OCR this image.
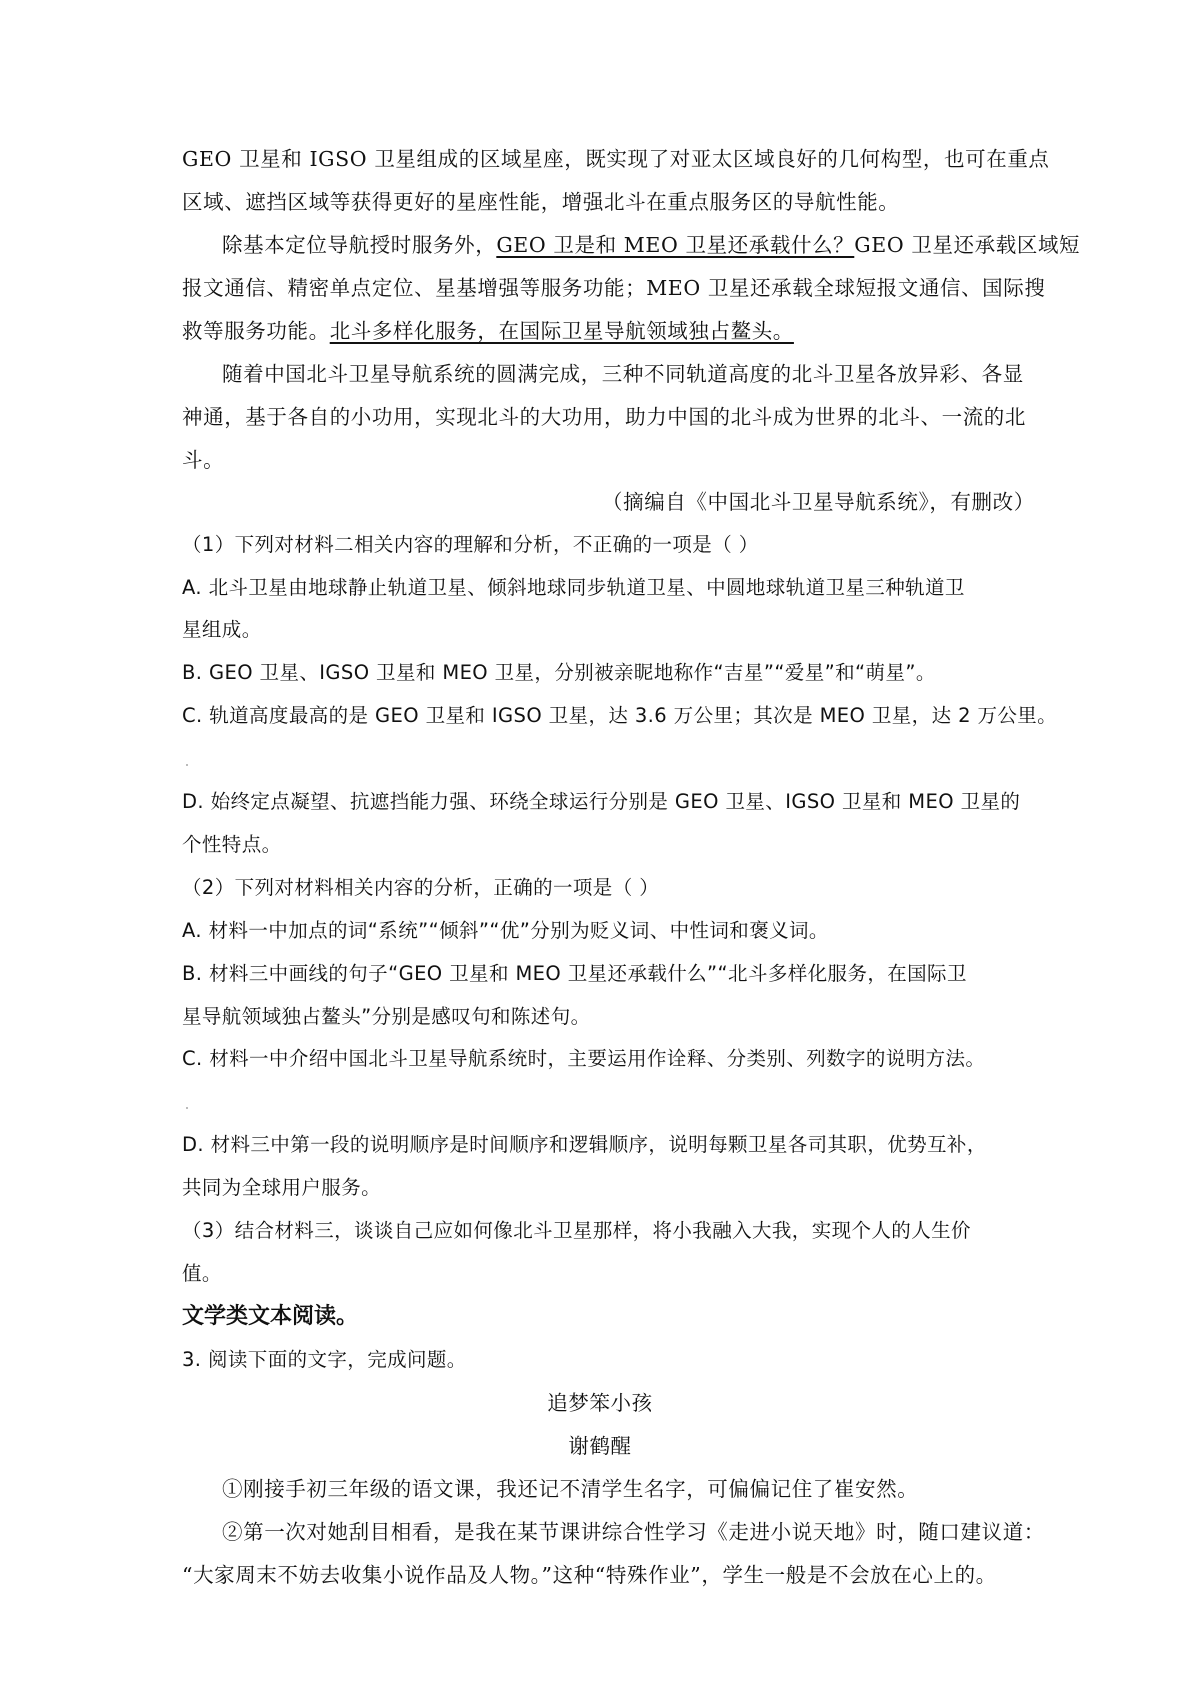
GEO 卫星和 IGSO 卫星组成的区域星座，既实现了对亚太区域良好的几何构型，也可在重点
区域、遮挡区域等获得更好的星座性能，增强北斗在重点服务区的导航性能。
除基本定位导航授时服务外，GEO 卫是和 MEO 卫星还承载什么？GEO 卫星还承载区域短
报文通信、精密单点定位、星基增强等服务功能；MEO 卫星还承载全球短报文通信、国际搜
救等服务功能。北斗多样化服务，在国际卫星导航领域独占鳌头。
随着中国北斗卫星导航系统的圆满完成，三种不同轨道高度的北斗卫星各放异彩、各显
神通，基于各自的小功用，实现北斗的大功用，助力中国的北斗成为世界的北斗、一流的北
斗。
（摘编自《中国北斗卫星导航系统》，有删改）
（1）下列对材料二相关内容的理解和分析，不正确的一项是（ ）
A. 北斗卫星由地球静止轨道卫星、倾斜地球同步轨道卫星、中圆地球轨道卫星三种轨道卫
星组成。
B. GEO 卫星、IGSO 卫星和 MEO 卫星，分别被亲昵地称作“吉星”“爱星”和“萌星”。
C. 轨道高度最高的是 GEO 卫星和 IGSO 卫星，达 3.6 万公里；其次是 MEO 卫星，达 2 万公里。
D. 始终定点凝望、抗遮挡能力强、环绕全球运行分别是 GEO 卫星、IGSO 卫星和 MEO 卫星的
个性特点。
（2）下列对材料相关内容的分析，正确的一项是（ ）
A. 材料一中加点的词“系统”“倾斜”“优”分别为贬义词、中性词和褒义词。
B. 材料三中画线的句子“GEO 卫星和 MEO 卫星还承载什么”“北斗多样化服务，在国际卫
星导航领域独占鳌头”分别是感叹句和陈述句。
C. 材料一中介绍中国北斗卫星导航系统时，主要运用作诠释、分类别、列数字的说明方法。
D. 材料三中第一段的说明顺序是时间顺序和逻辑顺序，说明每颗卫星各司其职，优势互补，
共同为全球用户服务。
（3）结合材料三，谈谈自己应如何像北斗卫星那样，将小我融入大我，实现个人的人生价
值。
文学类文本阅读。
3. 阅读下面的文字，完成问题。
追梦笨小孩
谢鹤醒
①刚接手初三年级的语文课，我还记不清学生名字，可偏偏记住了崔安然。
②第一次对她刮目相看，是我在某节课讲综合性学习《走进小说天地》时，随口建议道：
“大家周末不妨去收集小说作品及人物。”这种“特殊作业”，学生一般是不会放在心上的。
